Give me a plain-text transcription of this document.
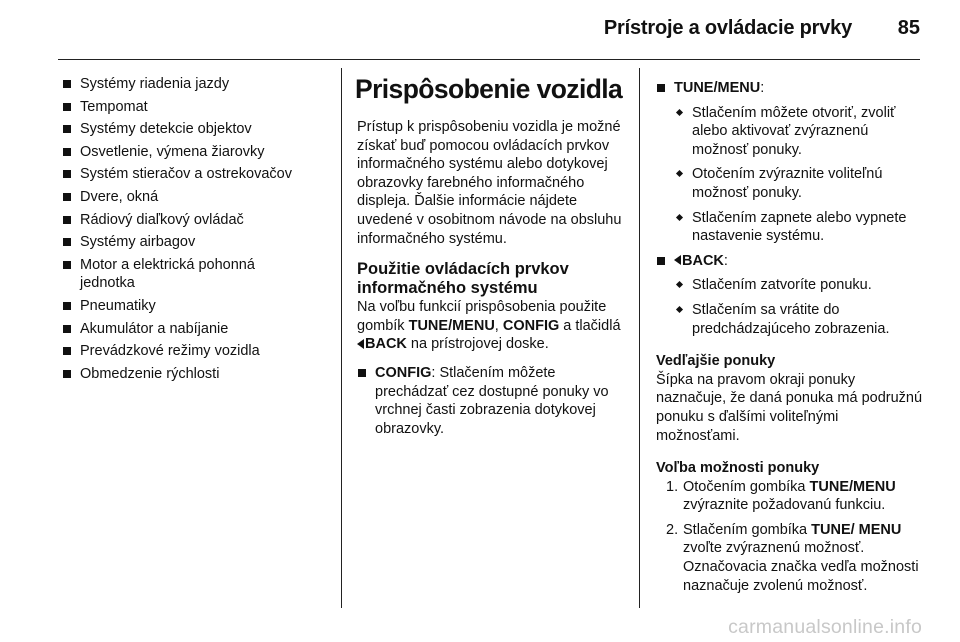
Prístroje a ovládacie prvky 85
Systémy riadenia jazdy
Tempomat
Systémy detekcie objektov
Osvetlenie, výmena žiarovky
Systém stieračov a ostrekovačov
Dvere, okná
Rádiový diaľkový ovládač
Systémy airbagov
Motor a elektrická pohonná jednotka
Pneumatiky
Akumulátor a nabíjanie
Prevádzkové režimy vozidla
Obmedzenie rýchlosti
Prispôsobenie vozidla

Prístup k prispôsobeniu vozidla je možné získať buď pomocou ovládacích prvkov informačného systému alebo dotykovej obrazovky farebného informačného displeja. Ďalšie informácie nájdete uvedené v osobitnom návode na obsluhu informačného systému.

Použitie ovládacích prvkov informačného systému

Na voľbu funkcií prispôsobenia použite gombík TUNE/MENU, CONFIG a tlačidlá BACK na prístrojovej doske.

CONFIG: Stlačením môžete prechádzať cez dostupné ponuky vo vrchnej časti zobrazenia dotykovej obrazovky.
TUNE/MENU:
Stlačením môžete otvoriť, zvoliť alebo aktivovať zvýraznenú možnosť ponuky.
Otočením zvýraznite voliteľnú možnosť ponuky.
Stlačením zapnete alebo vypnete nastavenie systému.
BACK:
Stlačením zatvoríte ponuku.
Stlačením sa vrátite do predchádzajúceho zobrazenia.
Vedľajšie ponuky

Šípka na pravom okraji ponuky naznačuje, že daná ponuka má podružnú ponuku s ďalšími voliteľnými možnosťami.

Voľba možnosti ponuky
1. Otočením gombíka TUNE/MENU zvýraznite požadovanú funkciu.
2. Stlačením gombíka TUNE/ MENU zvoľte zvýraznenú možnosť. Označovacia značka vedľa možnosti naznačuje zvolenú možnosť.
carmanualsonline.info
